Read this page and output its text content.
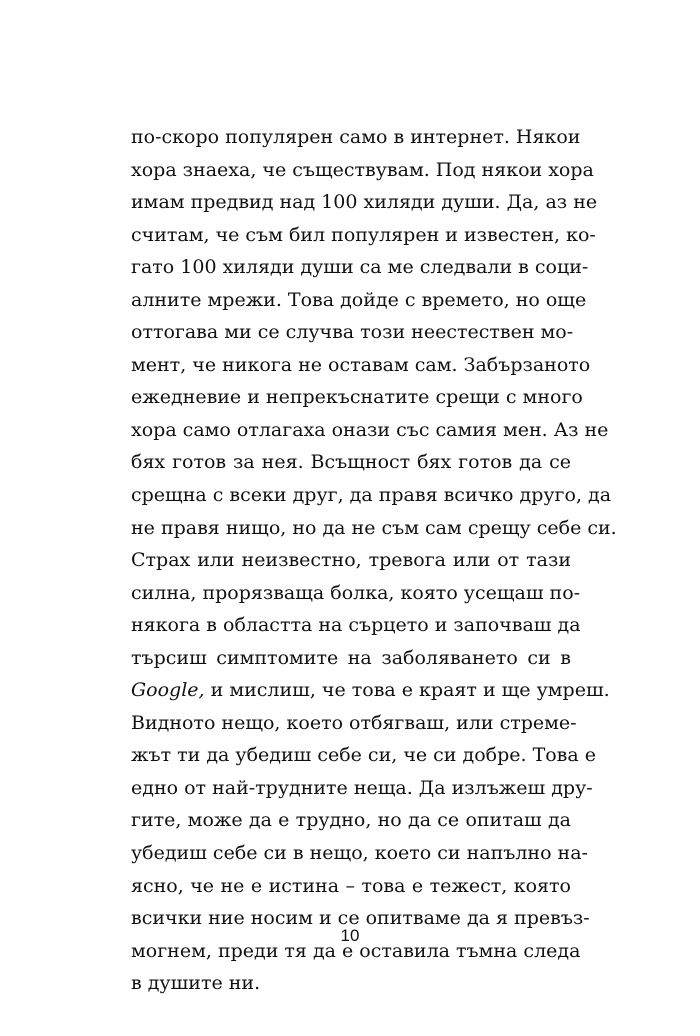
по-скоро популярен само в интернет. Някои
хора знаеха, че съществувам. Под някои хора
имам предвид над 100 хиляди души. Да, аз не
считам, че съм бил популярен и известен, ко-
гато 100 хиляди души са ме следвали в соци-
алните мрежи. Това дойде с времето, но още
оттогава ми се случва този неестествен мо-
мент, че никога не оставам сам. Забързаното
ежедневие и непрекъснатите срещи с много
хора само отлагаха онази със самия мен. Аз не
бях готов за нея. Всъщност бях готов да се
срещна с всеки друг, да правя всичко друго, да
не правя нищо, но да не съм сам срещу себе си.
Страх или неизвестно, тревога или от тази
силна, прорязваща болка, която усещаш по-
някога в областта на сърцето и започваш да
търсиш симптомите на заболяването си в
Google, и мислиш, че това е краят и ще умреш.
Видното нещо, което отбягваш, или стреме-
жът ти да убедиш себе си, че си добре. Това е
едно от най-трудните неща. Да излъжеш дру-
гите, може да е трудно, но да се опиташ да
убедиш себе си в нещо, което си напълно на-
ясно, че не е истина – това е тежест, която
всички ние носим и се опитваме да я превъз-
могнем, преди тя да е оставила тъмна следа
в душите ни.
10
